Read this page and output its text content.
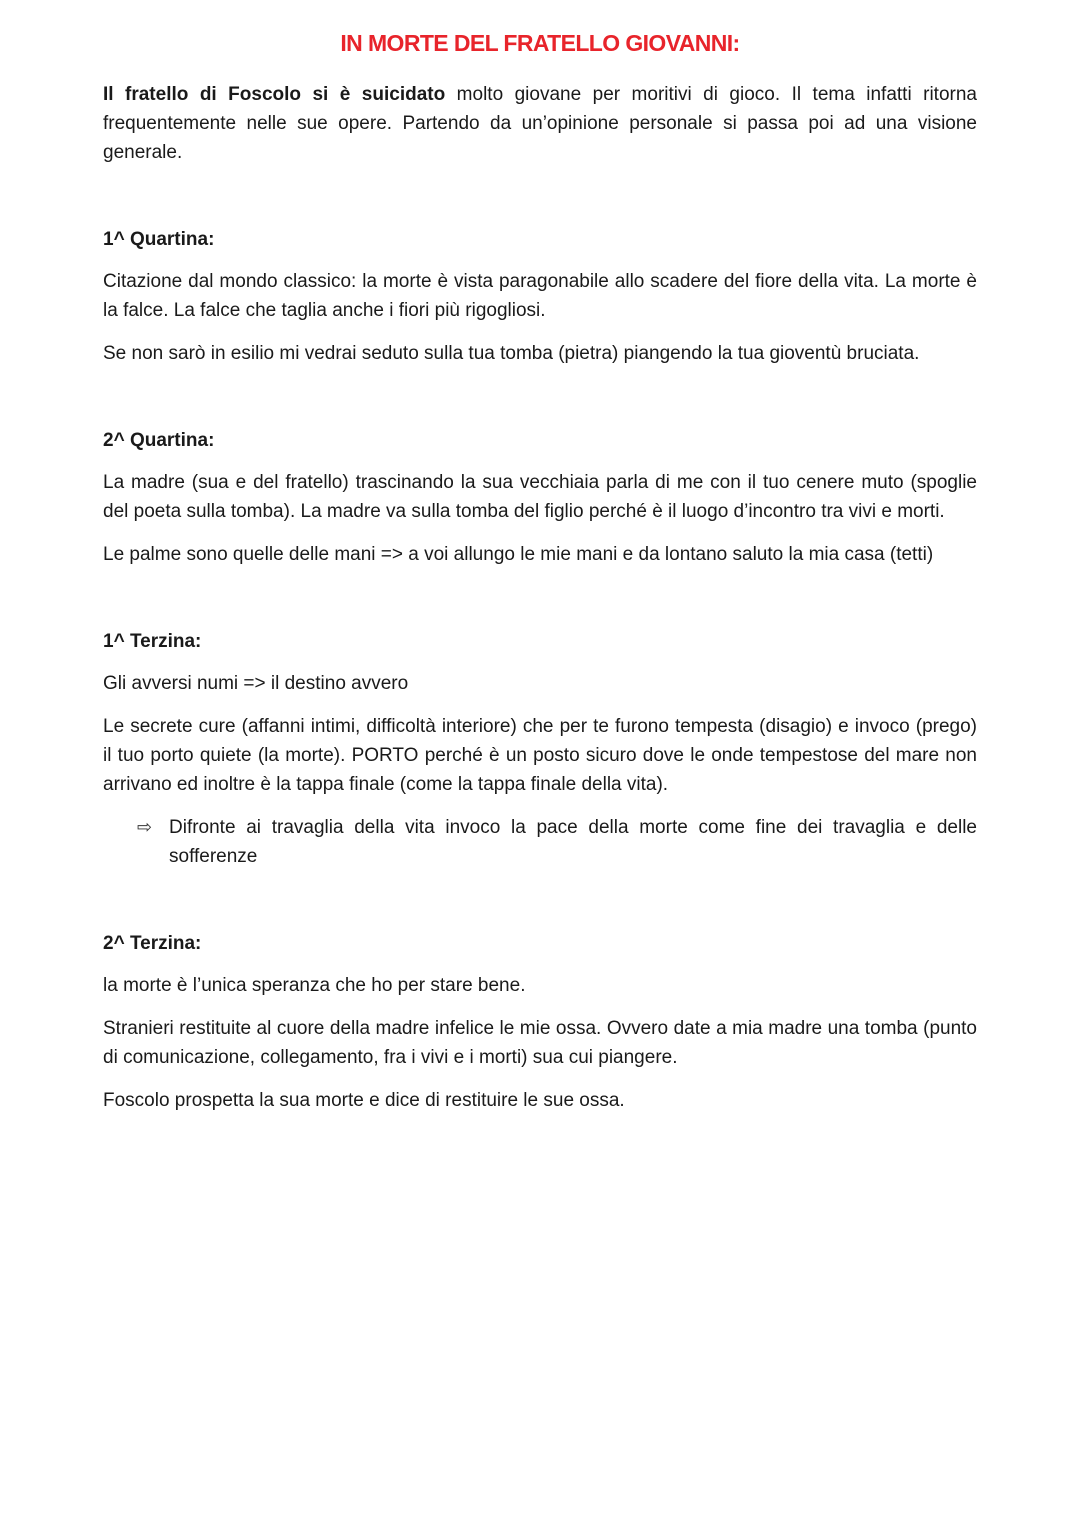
IN MORTE DEL FRATELLO GIOVANNI:

Il fratello di Foscolo si è suicidato molto giovane per moritivi di gioco. Il tema infatti ritorna frequentemente nelle sue opere. Partendo da un’opinione personale si passa poi ad una visione generale.

1^ Quartina:

Citazione dal mondo classico: la morte è vista paragonabile allo scadere del fiore della vita. La morte è la falce. La falce che taglia anche i fiori più rigogliosi.

Se non sarò in esilio mi vedrai seduto sulla tua tomba (pietra) piangendo la tua gioventù bruciata.

2^ Quartina:

La madre (sua e del fratello) trascinando la sua vecchiaia parla di me con il tuo cenere muto (spoglie del poeta sulla tomba). La madre va sulla tomba del figlio perché è il luogo d’incontro tra vivi e morti.

Le palme sono quelle delle mani => a voi allungo le mie mani e da lontano saluto la mia casa (tetti)

1^ Terzina:

Gli avversi numi => il destino avvero

Le secrete cure (affanni intimi, difficoltà interiore) che per te furono tempesta (disagio) e invoco (prego) il tuo porto quiete (la morte). PORTO perché è un posto sicuro dove le onde tempestose del mare non arrivano ed inoltre è la tappa finale (come la tappa finale della vita).

⇨ Difronte ai travaglia della vita invoco la pace della morte come fine dei travaglia e delle sofferenze

2^ Terzina:

la morte è l’unica speranza che ho per stare bene.

Stranieri restituite al cuore della madre infelice le mie ossa. Ovvero date a mia madre una tomba (punto di comunicazione, collegamento, fra i vivi e i morti) sua cui piangere.

Foscolo prospetta la sua morte e dice di restituire le sue ossa.
